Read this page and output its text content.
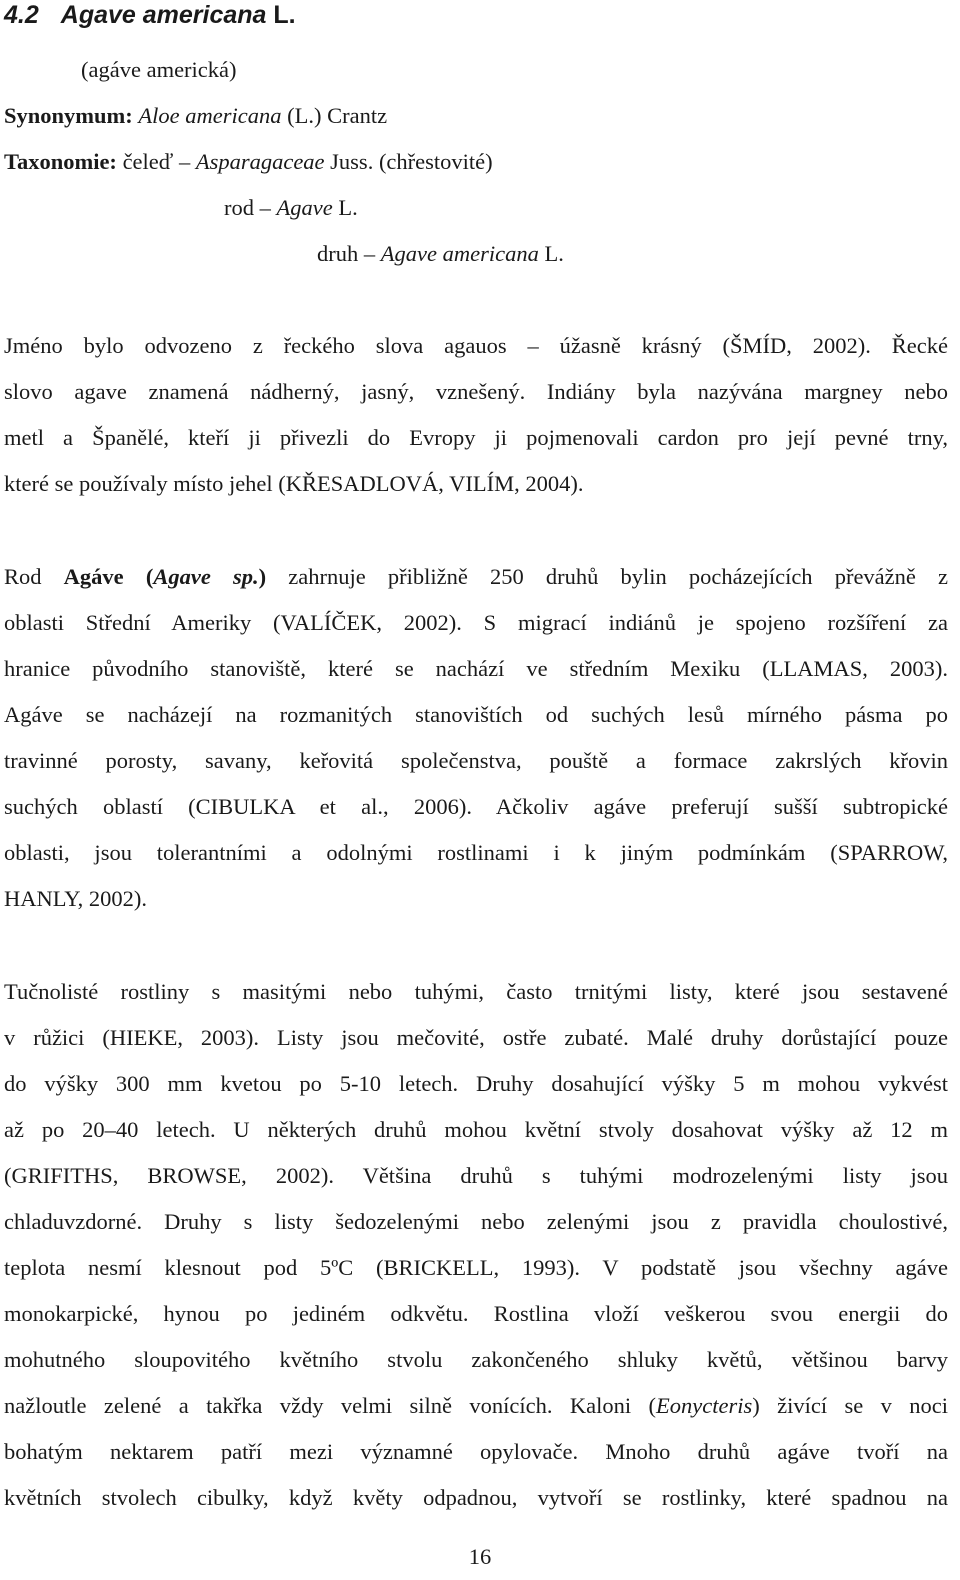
4.2 Agave americana L.
(agáve americká)
Synonymum: Aloe americana (L.) Crantz
Taxonomie: čeleď – Asparagaceae Juss. (chřestovité)
rod – Agave L.
druh – Agave americana L.
Jméno bylo odvozeno z řeckého slova agauos – úžasně krásný (ŠMÍD, 2002). Řecké
slovo agave znamená nádherný, jasný, vznešený. Indiány byla nazývána margney nebo
metl a Španělé, kteří ji přivezli do Evropy ji pojmenovali cardon pro její pevné trny,
které se používaly místo jehel (KŘESADLOVÁ, VILÍM, 2004).
Rod Agáve (Agave sp.) zahrnuje přibližně 250 druhů bylin pocházejících převážně z
oblasti Střední Ameriky (VALÍČEK, 2002). S migrací indiánů je spojeno rozšíření za
hranice původního stanoviště, které se nachází ve středním Mexiku (LLAMAS, 2003).
Agáve se nacházejí na rozmanitých stanovištích od suchých lesů mírného pásma po
travinné porosty, savany, keřovitá společenstva, pouště a formace zakrslých křovin
suchých oblastí (CIBULKA et al., 2006). Ačkoliv agáve preferují sušší subtropické
oblasti, jsou tolerantními a odolnými rostlinami i k jiným podmínkám (SPARROW,
HANLY, 2002).
Tučnolisté rostliny s masitými nebo tuhými, často trnitými listy, které jsou sestavené
v růžici (HIEKE, 2003). Listy jsou mečovité, ostře zubaté. Malé druhy dorůstající pouze
do výšky 300 mm kvetou po 5-10 letech. Druhy dosahující výšky 5 m mohou vykvést
až po 20–40 letech. U některých druhů mohou květní stvoly dosahovat výšky až 12 m
(GRIFITHS, BROWSE, 2002). Většina druhů s tuhými modrozelenými listy jsou
chladuvzdorné. Druhy s listy šedozelenými nebo zelenými jsou z pravidla choulostivé,
teplota nesmí klesnout pod 5ºC (BRICKELL, 1993). V podstatě jsou všechny agáve
monokarpické, hynou po jediném odkvětu. Rostlina vloží veškerou svou energii do
mohutného sloupovitého květního stvolu zakončeného shluky květů, většinou barvy
nažloutle zelené a takřka vždy velmi silně vonících. Kaloni (Eonycteris) živící se v noci
bohatým nektarem patří mezi významné opylovače. Mnoho druhů agáve tvoří na
květních stvolech cibulky, když květy odpadnou, vytvoří se rostlinky, které spadnou na
16
